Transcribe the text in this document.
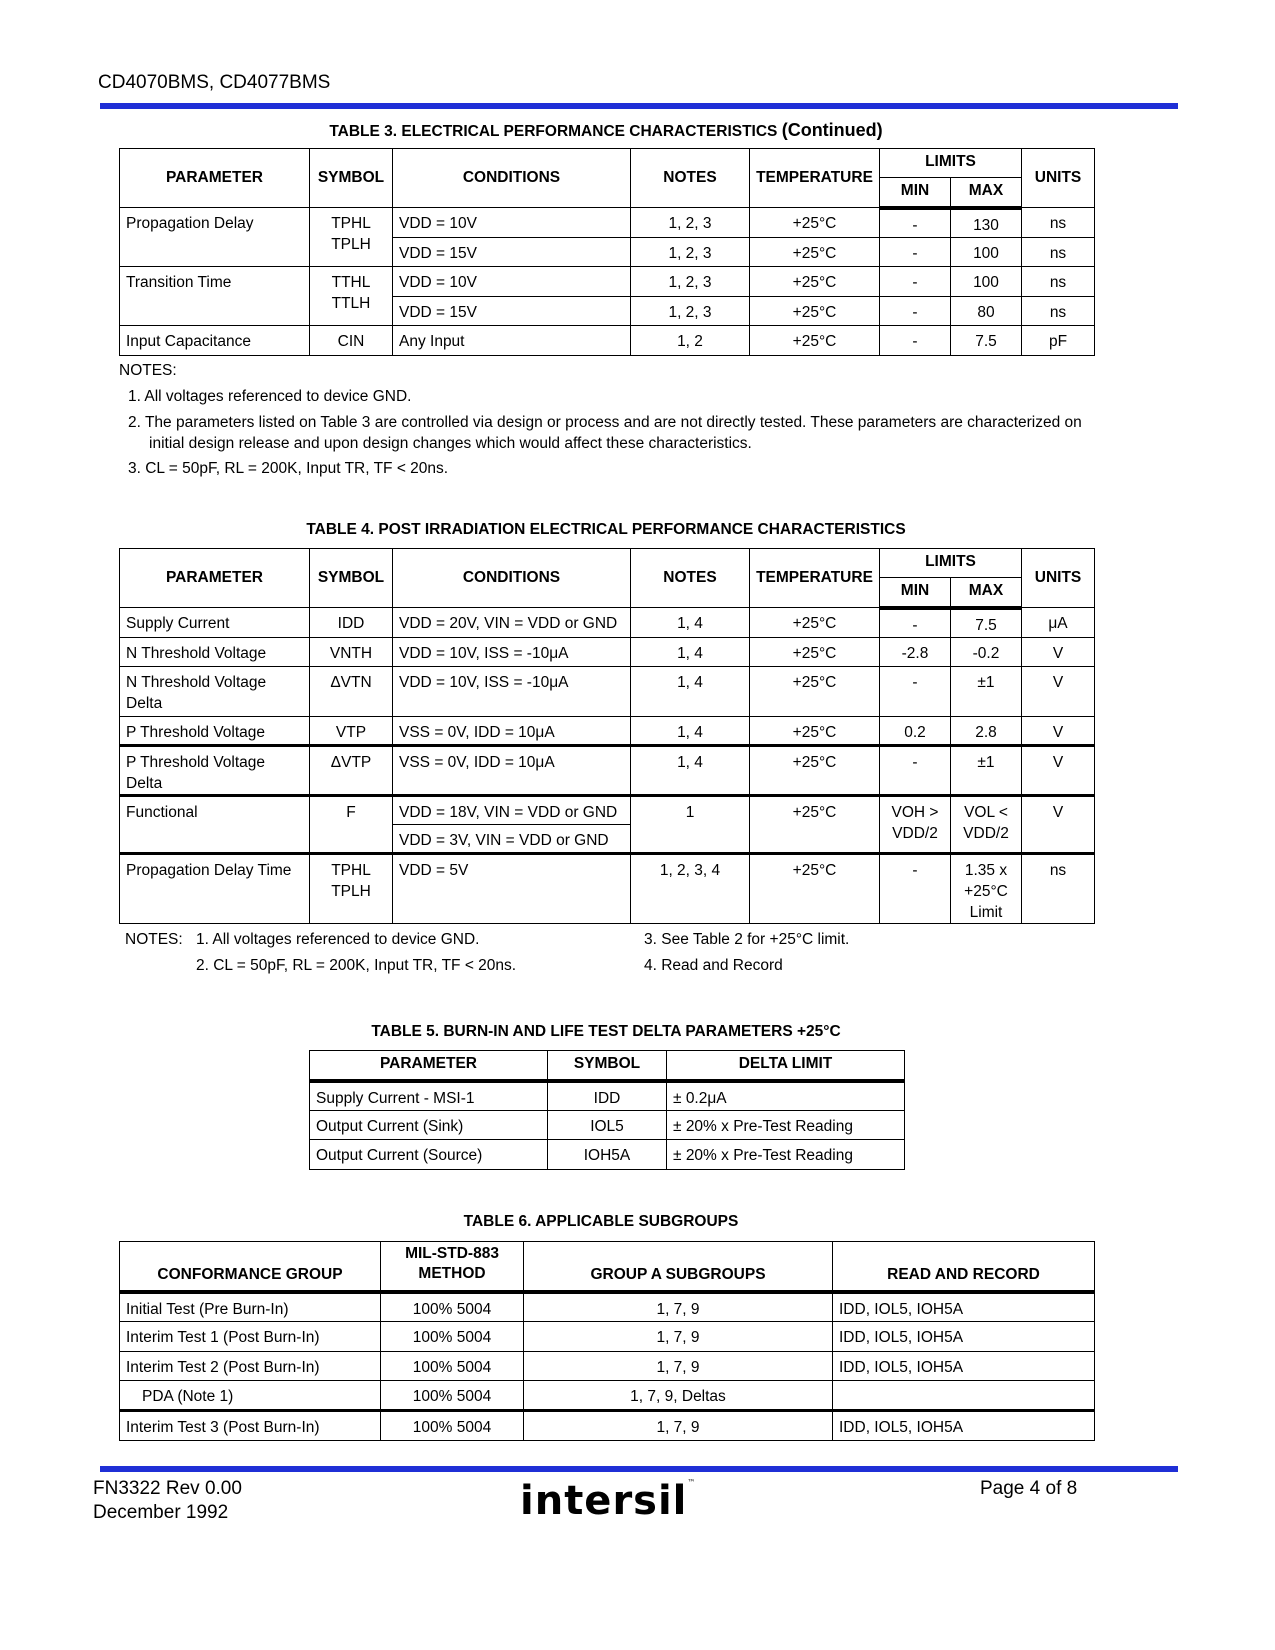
CD4070BMS, CD4077BMS
TABLE 3. ELECTRICAL PERFORMANCE CHARACTERISTICS (Continued)
PARAMETER	SYMBOL	CONDITIONS	NOTES	TEMPERATURE	LIMITS		UNITS
					MIN	MAX	
Propagation Delay	TPHL TPLH	VDD = 10V	1, 2, 3	+25°C	-	130	ns
		VDD = 15V	1, 2, 3	+25°C	-	100	ns
Transition Time	TTHL TTLH	VDD = 10V	1, 2, 3	+25°C	-	100	ns
		VDD = 15V	1, 2, 3	+25°C	-	80	ns
Input Capacitance	CIN	Any Input	1, 2	+25°C	-	7.5	pF
NOTES:
1. All voltages referenced to device GND.
2. The parameters listed on Table 3 are controlled via design or process and are not directly tested. These parameters are characterized on initial design release and upon design changes which would affect these characteristics.
3. CL = 50pF, RL = 200K, Input TR, TF < 20ns.
TABLE 4. POST IRRADIATION ELECTRICAL PERFORMANCE CHARACTERISTICS
PARAMETER	SYMBOL	CONDITIONS	NOTES	TEMPERATURE	LIMITS		UNITS
					MIN	MAX	
Supply Current	IDD	VDD = 20V, VIN = VDD or GND	1, 4	+25°C	-	7.5	μA
N Threshold Voltage	VNTH	VDD = 10V, ISS = -10μA	1, 4	+25°C	-2.8	-0.2	V
N Threshold Voltage Delta	ΔVTN	VDD = 10V, ISS = -10μA	1, 4	+25°C	-	±1	V
P Threshold Voltage	VTP	VSS = 0V, IDD = 10μA	1, 4	+25°C	0.2	2.8	V
P Threshold Voltage Delta	ΔVTP	VSS = 0V, IDD = 10μA	1, 4	+25°C	-	±1	V
Functional	F	VDD = 18V, VIN = VDD or GND	1	+25°C	VOH > VDD/2	VOL < VDD/2	V
		VDD = 3V, VIN = VDD or GND					
Propagation Delay Time	TPHL TPLH	VDD = 5V	1, 2, 3, 4	+25°C	-	1.35 x +25°C Limit	ns
NOTES: 1. All voltages referenced to device GND.
2. CL = 50pF, RL = 200K, Input TR, TF < 20ns.
3. See Table 2 for +25°C limit.
4. Read and Record
TABLE 5. BURN-IN AND LIFE TEST DELTA PARAMETERS +25°C
PARAMETER	SYMBOL	DELTA LIMIT
Supply Current - MSI-1	IDD	± 0.2μA
Output Current (Sink)	IOL5	± 20% x Pre-Test Reading
Output Current (Source)	IOH5A	± 20% x Pre-Test Reading
TABLE 6. APPLICABLE SUBGROUPS
CONFORMANCE GROUP	MIL-STD-883 METHOD	GROUP A SUBGROUPS	READ AND RECORD
Initial Test (Pre Burn-In)	100% 5004	1, 7, 9	IDD, IOL5, IOH5A
Interim Test 1 (Post Burn-In)	100% 5004	1, 7, 9	IDD, IOL5, IOH5A
Interim Test 2 (Post Burn-In)	100% 5004	1, 7, 9	IDD, IOL5, IOH5A
PDA (Note 1)	100% 5004	1, 7, 9, Deltas	
Interim Test 3 (Post Burn-In)	100% 5004	1, 7, 9	IDD, IOL5, IOH5A
FN3322 Rev 0.00
December 1992	intersil™	Page 4 of 8
